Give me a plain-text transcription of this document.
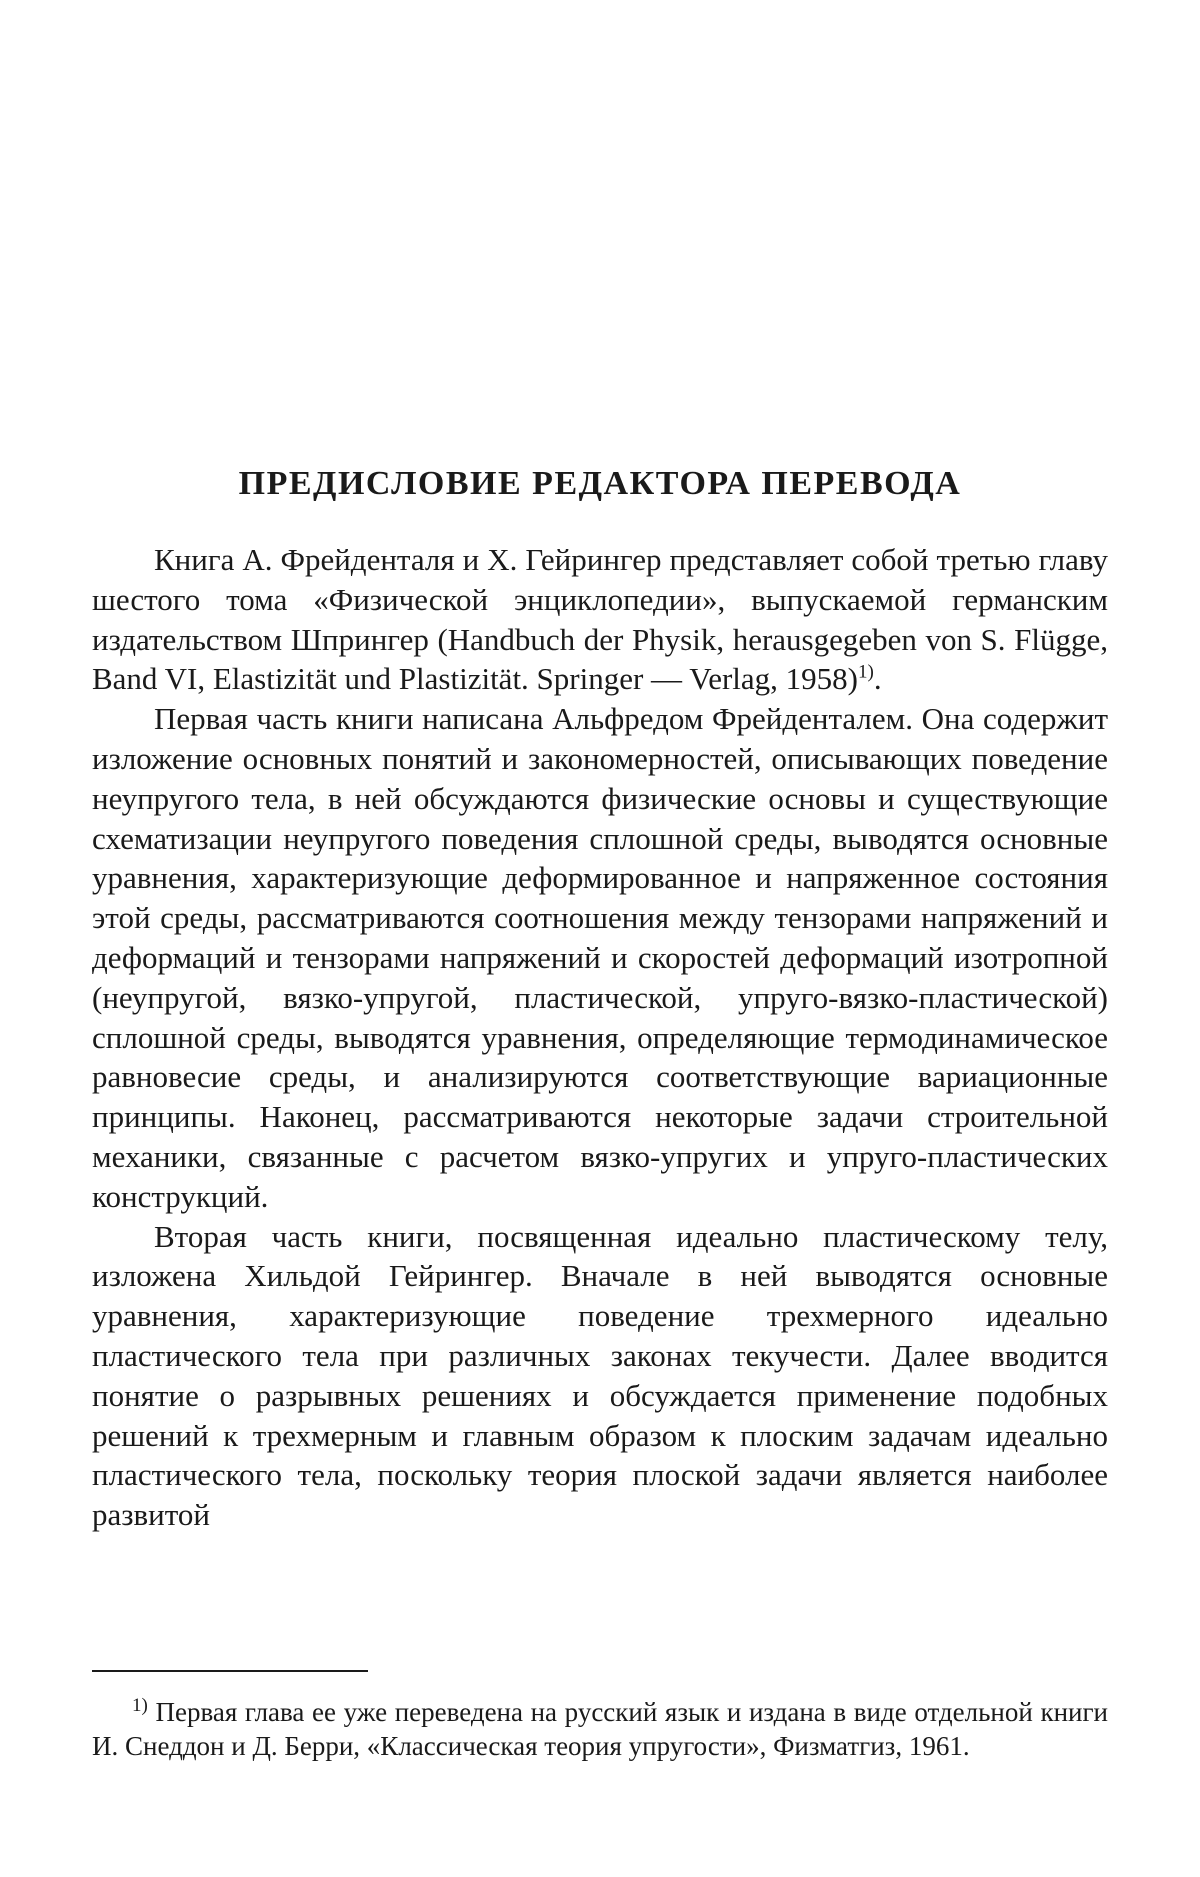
ПРЕДИСЛОВИЕ РЕДАКТОРА ПЕРЕВОДА

Книга А. Фрейденталя и Х. Гейрингер представляет собой третью главу шестого тома «Физической энциклопедии», выпускаемой германским издательством Шпрингер (Handbuch der Physik, herausgegeben von S. Flügge, Band VI, Elastizität und Plastizität. Springer — Verlag, 1958)$^{1)}$.

Первая часть книги написана Альфредом Фрейденталем. Она содержит изложение основных понятий и закономерностей, описывающих поведение неупругого тела, в ней обсуждаются физические основы и существующие схематизации неупругого поведения сплошной среды, выводятся основные уравнения, характеризующие деформированное и напряженное состояния этой среды, рассматриваются соотношения между тензорами напряжений и деформаций и тензорами напряжений и скоростей деформаций изотропной (неупругой, вязко-упругой, пластической, упруго-вязко-пластической) сплошной среды, выводятся уравнения, определяющие термодинамическое равновесие среды, и анализируются соответствующие вариационные принципы. Наконец, рассматриваются некоторые задачи строительной механики, связанные с расчетом вязко-упругих и упруго-пластических конструкций.

Вторая часть книги, посвященная идеально пластическому телу, изложена Хильдой Гейрингер. Вначале в ней выводятся основные уравнения, характеризующие поведение трехмерного идеально пластического тела при различных законах текучести. Далее вводится понятие о разрывных решениях и обсуждается применение подобных решений к трехмерным и главным образом к плоским задачам идеально пластического тела, поскольку теория плоской задачи является наиболее развитой

$^{1)}$ Первая глава ее уже переведена на русский язык и издана в виде отдельной книги И. Снеддон и Д. Берри, «Классическая теория упругости», Физматгиз, 1961.
